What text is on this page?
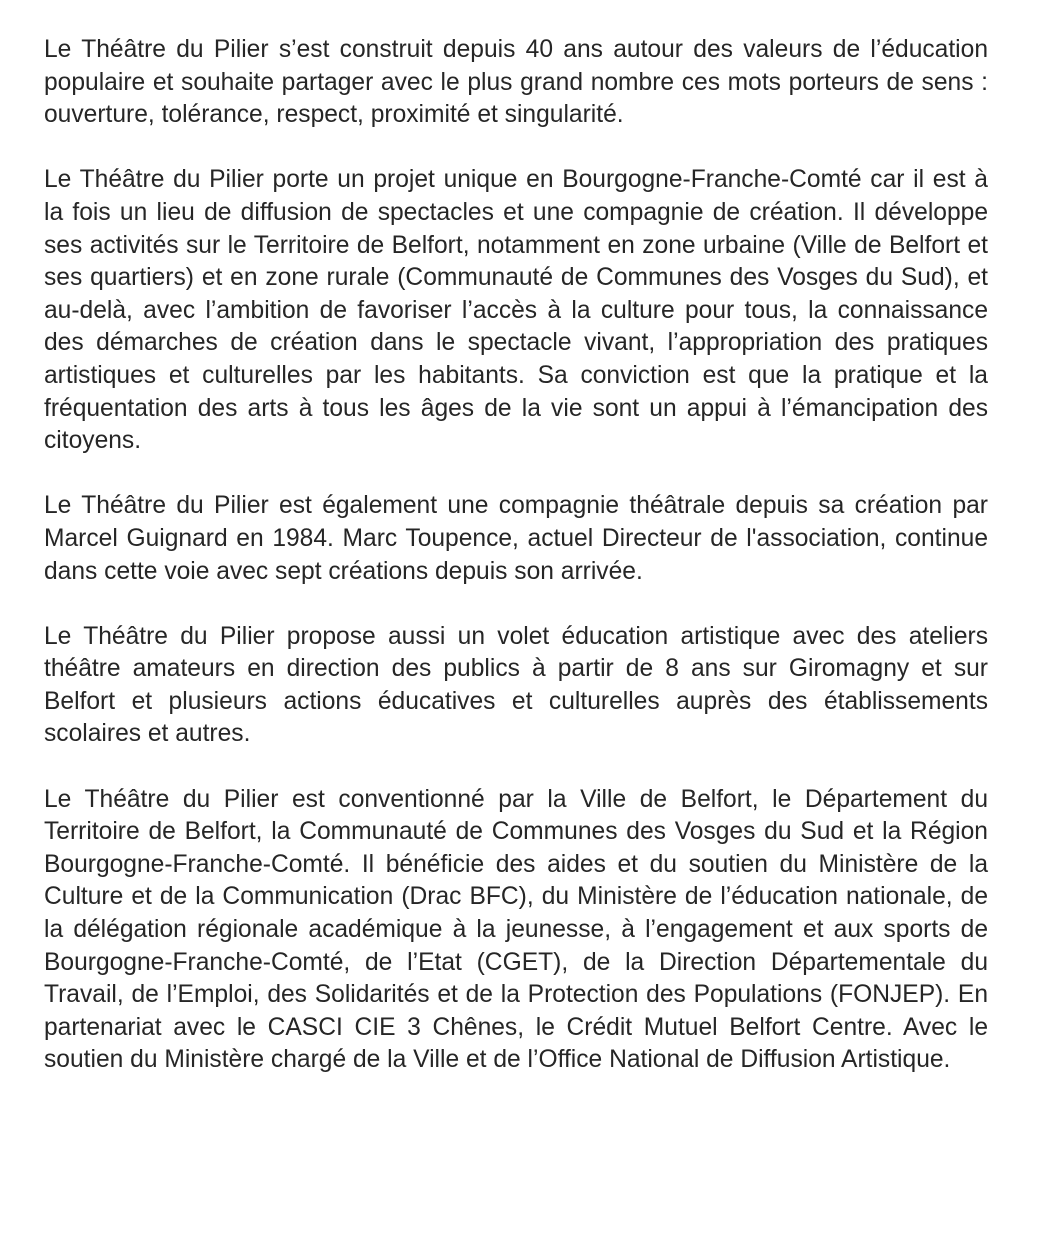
Le Théâtre du Pilier s’est construit depuis 40 ans autour des valeurs de l’éducation populaire et souhaite partager avec le plus grand nombre ces mots porteurs de sens : ouverture, tolérance, respect, proximité et singularité.

Le Théâtre du Pilier porte un projet unique en Bourgogne-Franche-Comté car il est à la fois un lieu de diffusion de spectacles et une compagnie de création. Il développe ses activités sur le Territoire de Belfort, notamment en zone urbaine (Ville de Belfort et ses quartiers) et en zone rurale (Communauté de Communes des Vosges du Sud), et au-delà, avec l’ambition de favoriser l’accès à la culture pour tous, la connaissance des démarches de création dans le spectacle vivant, l’appropriation des pratiques artistiques et culturelles par les habitants. Sa conviction est que la pratique et la fréquentation des arts à tous les âges de la vie sont un appui à l’émancipation des citoyens.

Le Théâtre du Pilier est également une compagnie théâtrale depuis sa création par Marcel Guignard en 1984. Marc Toupence, actuel Directeur de l'association, continue dans cette voie avec sept créations depuis son arrivée.

Le Théâtre du Pilier propose aussi un volet éducation artistique avec des ateliers théâtre amateurs en direction des publics à partir de 8 ans sur Giromagny et sur Belfort et plusieurs actions éducatives et culturelles auprès des établissements scolaires et autres.

Le Théâtre du Pilier est conventionné par la Ville de Belfort, le Département du Territoire de Belfort, la Communauté de Communes des Vosges du Sud et la Région Bourgogne-Franche-Comté. Il bénéficie des aides et du soutien du Ministère de la Culture et de la Communication (Drac BFC), du Ministère de l’éducation nationale, de la délégation régionale académique à la jeunesse, à l’engagement et aux sports de Bourgogne-Franche-Comté, de l’Etat (CGET), de la Direction Départementale du Travail, de l’Emploi, des Solidarités et de la Protection des Populations (FONJEP). En partenariat avec le CASCI CIE 3 Chênes, le Crédit Mutuel Belfort Centre. Avec le soutien du Ministère chargé de la Ville et de l’Office National de Diffusion Artistique.
